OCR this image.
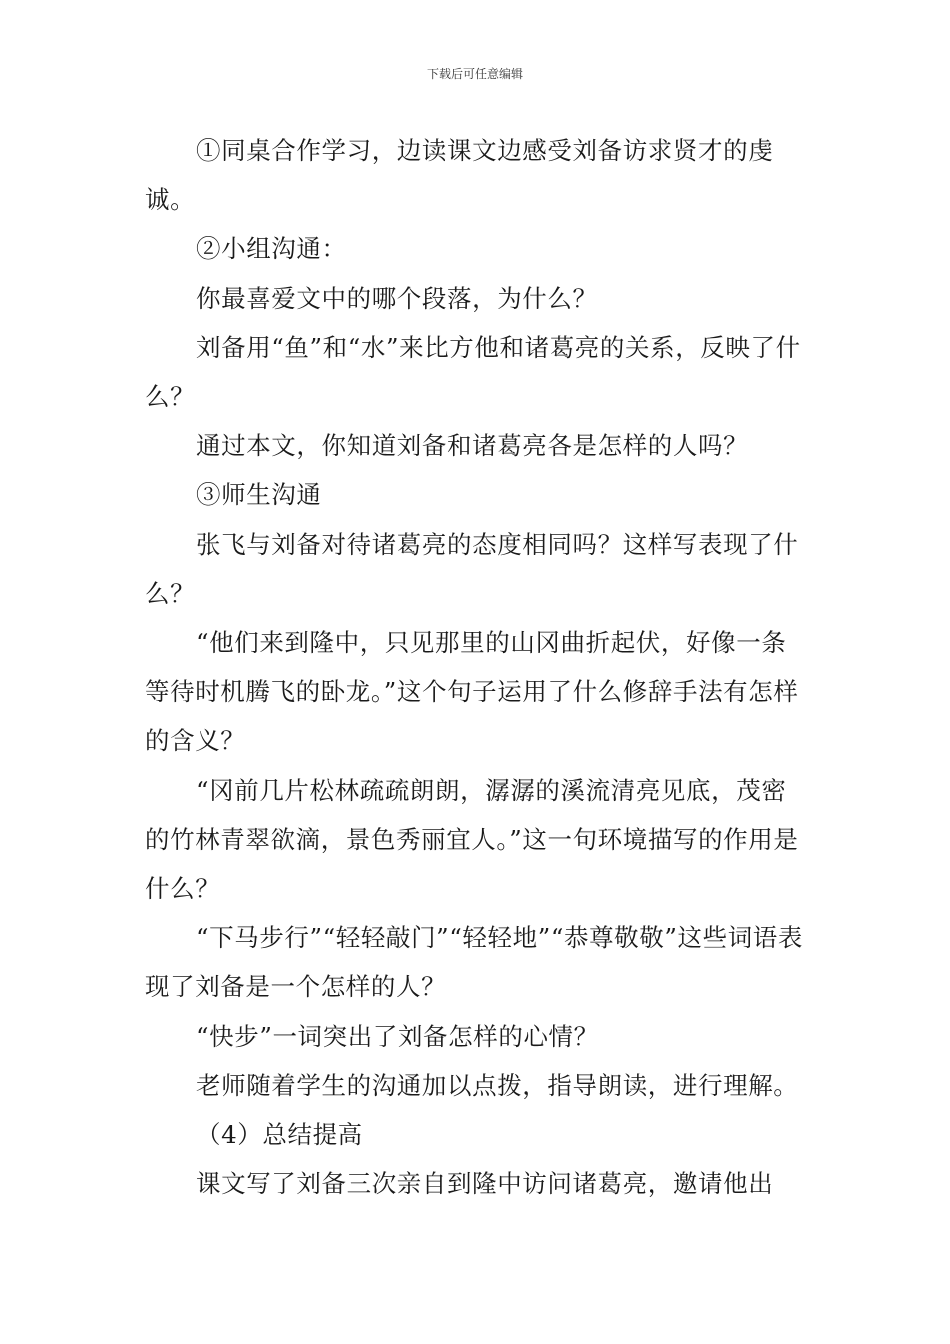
下载后可任意编辑

①同桌合作学习，边读课文边感受刘备访求贤才的虔诚。

②小组沟通：

你最喜爱文中的哪个段落，为什么？

刘备用“鱼”和“水”来比方他和诸葛亮的关系，反映了什么？

通过本文，你知道刘备和诸葛亮各是怎样的人吗？

③师生沟通

张飞与刘备对待诸葛亮的态度相同吗？这样写表现了什么？

“他们来到隆中，只见那里的山冈曲折起伏，好像一条等待时机腾飞的卧龙。”这个句子运用了什么修辞手法有怎样的含义？

“冈前几片松林疏疏朗朗，潺潺的溪流清亮见底，茂密的竹林青翠欲滴，景色秀丽宜人。”这一句环境描写的作用是什么？

“下马步行”“轻轻敲门”“轻轻地”“恭尊敬敬”这些词语表现了刘备是一个怎样的人？

“快步”一词突出了刘备怎样的心情？

老师随着学生的沟通加以点拨，指导朗读，进行理解。

（4）总结提高

课文写了刘备三次亲自到隆中访问诸葛亮，邀请他出
